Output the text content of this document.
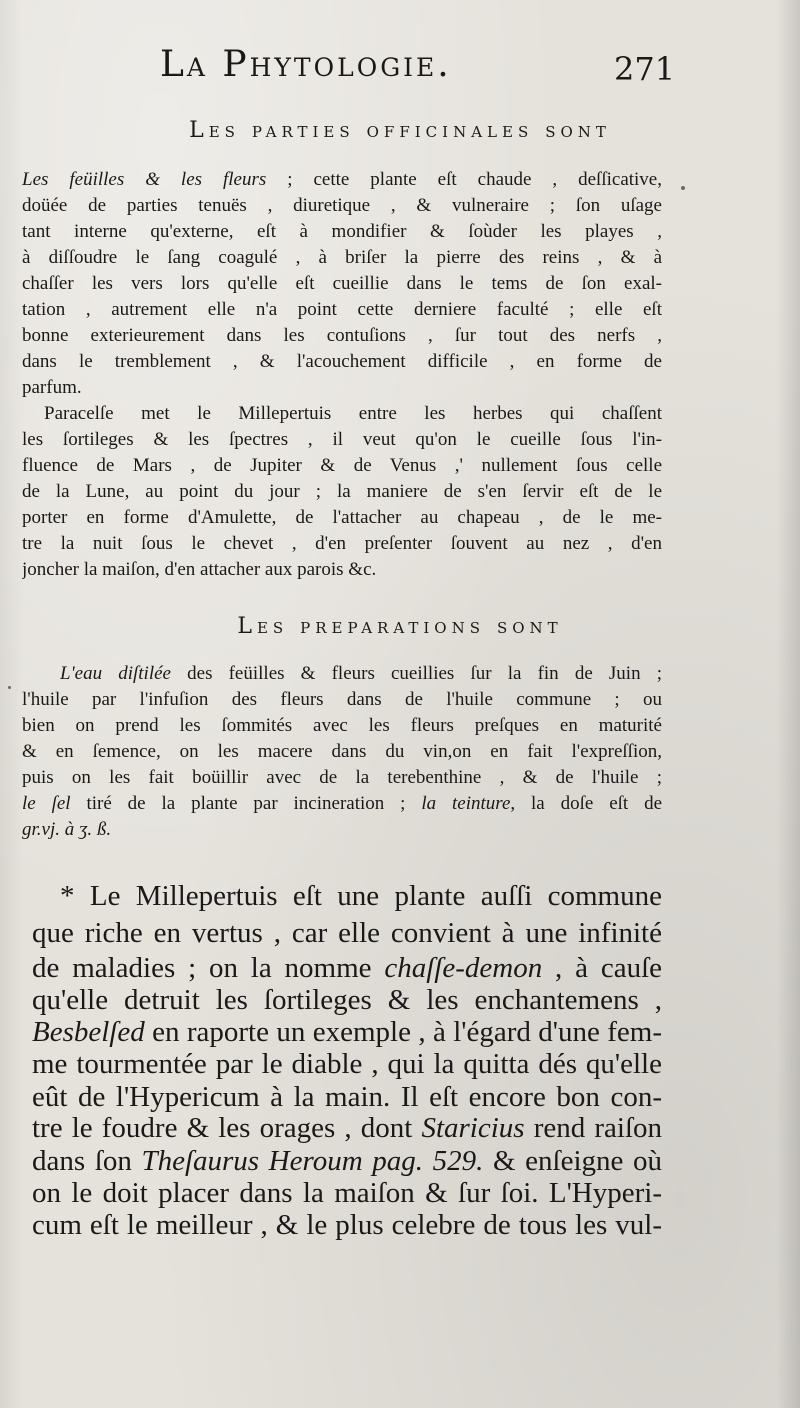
La Phytologie.	271
Les parties officinales sont
Les feüilles & les fleurs ; cette plante eſt chaude , deſſicative,
doüée de parties tenuës , diuretique , & vulneraire ; ſon uſage
tant interne qu'externe, eſt à mondifier & ſoùder les playes ,
à diſſoudre le ſang coagulé , à briſer la pierre des reins , & à
chaſſer les vers lors qu'elle eſt cueillie dans le tems de ſon exal-
tation , autrement elle n'a point cette derniere faculté ; elle eſt
bonne exterieurement dans les contuſions , ſur tout des nerfs ,
dans le tremblement , & l'acouchement difficile , en forme de
parfum.
Paracelſe met le Millepertuis entre les herbes qui chaſſent
les ſortileges & les ſpectres , il veut qu'on le cueille ſous l'in-
fluence de Mars , de Jupiter & de Venus ,' nullement ſous celle
de la Lune, au point du jour ; la maniere de s'en ſervir eſt de le
porter en forme d'Amulette, de l'attacher au chapeau , de le me-
tre la nuit ſous le chevet , d'en preſenter ſouvent au nez , d'en
joncher la maiſon, d'en attacher aux parois &c.
Les preparations sont
L'eau diſtilée des feüilles & fleurs cueillies ſur la fin de Juin ;
l'huile par l'infuſion des fleurs dans de l'huile commune ; ou
bien on prend les ſommités avec les fleurs preſques en maturité
& en ſemence, on les macere dans du vin,on en fait l'expreſſion,
puis on les fait boüillir avec de la terebenthine , & de l'huile ;
le ſel tiré de la plante par incineration ; la teinture, la doſe eſt de
gr.vj. à ʒ. ß.
* Le Millepertuis eſt une plante auſſi commune
que riche en vertus , car elle convient à une infinité
de maladies ; on la nomme chaſſe-demon , à cauſe
qu'elle detruit les ſortileges & les enchantemens ,
Besbelſed en raporte un exemple , à l'égard d'une fem-
me tourmentée par le diable , qui la quitta dés qu'elle
eût de l'Hypericum à la main. Il eſt encore bon con-
tre le foudre & les orages , dont Staricius rend raiſon
dans ſon Theſaurus Heroum pag. 529. & enſeigne où
on le doit placer dans la maiſon & ſur ſoi. L'Hyperi-
cum eſt le meilleur , & le plus celebre de tous les vul-
